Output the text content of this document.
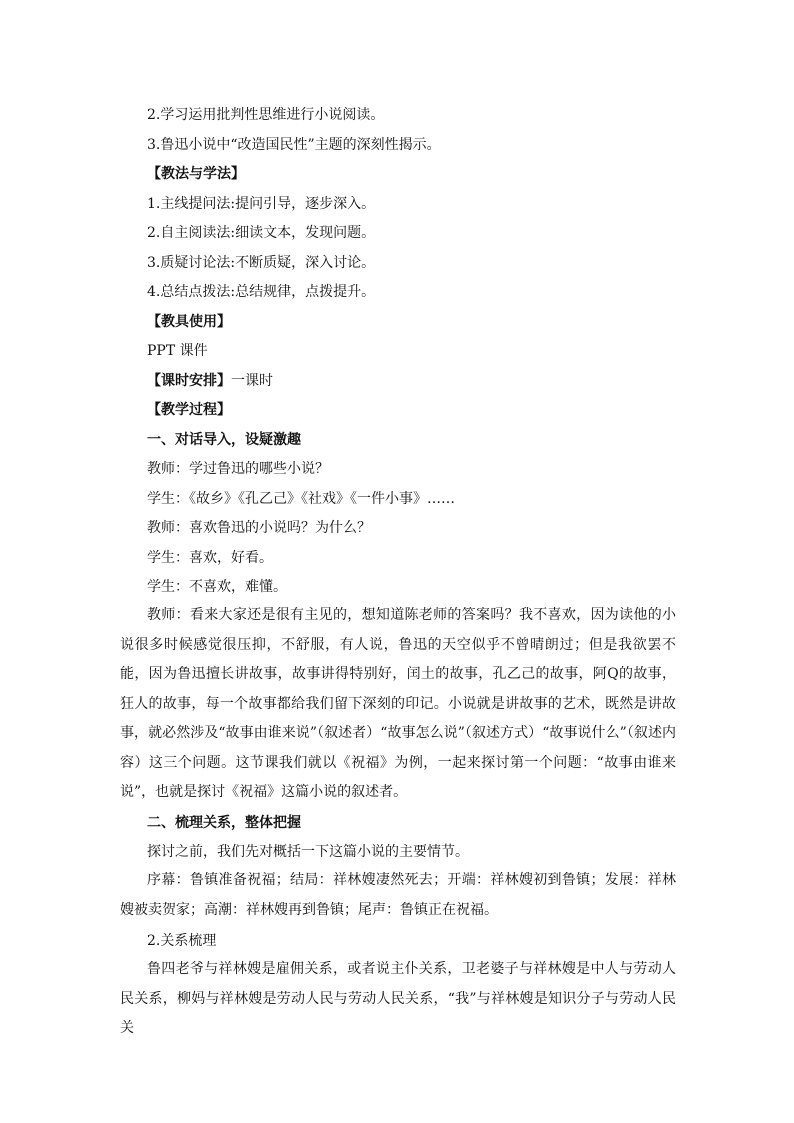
2.学习运用批判性思维进行小说阅读。
3.鲁迅小说中“改造国民性”主题的深刻性揭示。
【教法与学法】
1.主线提问法:提问引导，逐步深入。
2.自主阅读法:细读文本，发现问题。
3.质疑讨论法:不断质疑，深入讨论。
4.总结点拨法:总结规律，点拨提升。
【教具使用】
PPT 课件
【课时安排】一课时
【教学过程】
一、对话导入，设疑激趣
教师：学过鲁迅的哪些小说？
学生：《故乡》《孔乙己》《社戏》《一件小事》……
教师：喜欢鲁迅的小说吗？为什么？
学生：喜欢，好看。
学生：不喜欢，难懂。

教师：看来大家还是很有主见的，想知道陈老师的答案吗？我不喜欢，因为读他的小说很多时候感觉很压抑，不舒服，有人说，鲁迅的天空似乎不曾晴朗过；但是我欲罢不能，因为鲁迅擅长讲故事，故事讲得特别好，闰土的故事，孔乙己的故事，阿Q的故事，狂人的故事，每一个故事都给我们留下深刻的印记。小说就是讲故事的艺术，既然是讲故事，就必然涉及“故事由谁来说”（叙述者）“故事怎么说”（叙述方式）“故事说什么”（叙述内容）这三个问题。这节课我们就以《祝福》为例，一起来探讨第一个问题：“故事由谁来说”，也就是探讨《祝福》这篇小说的叙述者。

二、梳理关系，整体把握
探讨之前，我们先对概括一下这篇小说的主要情节。

序幕：鲁镇准备祝福；结局：祥林嫂凄然死去；开端：祥林嫂初到鲁镇；发展：祥林嫂被卖贺家；高潮：祥林嫂再到鲁镇；尾声：鲁镇正在祝福。

2.关系梳理

鲁四老爷与祥林嫂是雇佣关系，或者说主仆关系，卫老婆子与祥林嫂是中人与劳动人民关系，柳妈与祥林嫂是劳动人民与劳动人民关系，“我”与祥林嫂是知识分子与劳动人民关
